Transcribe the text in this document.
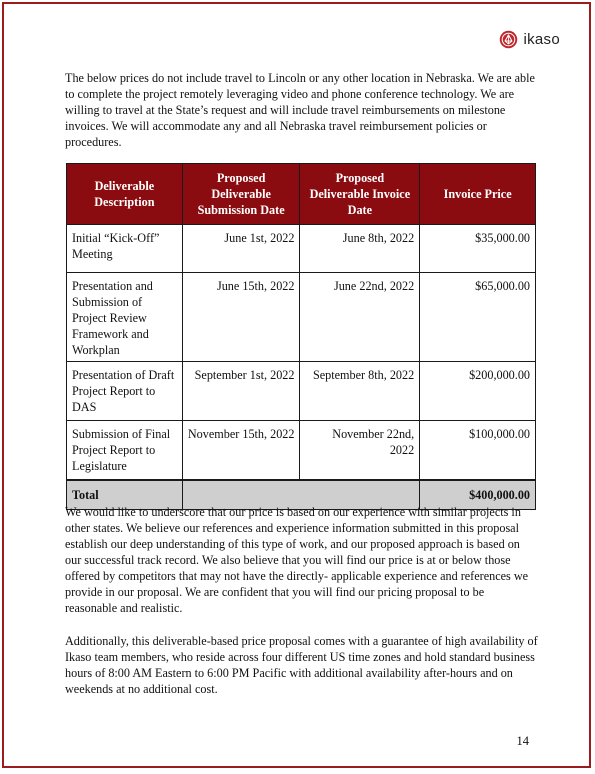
ikaso

The below prices do not include travel to Lincoln or any other location in Nebraska. We are able to complete the project remotely leveraging video and phone conference technology. We are willing to travel at the State’s request and will include travel reimbursements on milestone invoices. We will accommodate any and all Nebraska travel reimbursement policies or procedures.

Deliverable Description	Proposed Deliverable Submission Date	Proposed Deliverable Invoice Date	Invoice Price
Initial “Kick-Off” Meeting	June 1st, 2022	June 8th, 2022	$35,000.00
Presentation and Submission of Project Review Framework and Workplan	June 15th, 2022	June 22nd, 2022	$65,000.00
Presentation of Draft Project Report to DAS	September 1st, 2022	September 8th, 2022	$200,000.00
Submission of Final Project Report to Legislature	November 15th, 2022	November 22nd, 2022	$100,000.00
Total			$400,000.00

We would like to underscore that our price is based on our experience with similar projects in other states. We believe our references and experience information submitted in this proposal establish our deep understanding of this type of work, and our proposed approach is based on our successful track record. We also believe that you will find our price is at or below those offered by competitors that may not have the directly- applicable experience and references we provide in our proposal. We are confident that you will find our pricing proposal to be reasonable and realistic.

Additionally, this deliverable-based price proposal comes with a guarantee of high availability of Ikaso team members, who reside across four different US time zones and hold standard business hours of 8:00 AM Eastern to 6:00 PM Pacific with additional availability after-hours and on weekends at no additional cost.

14
